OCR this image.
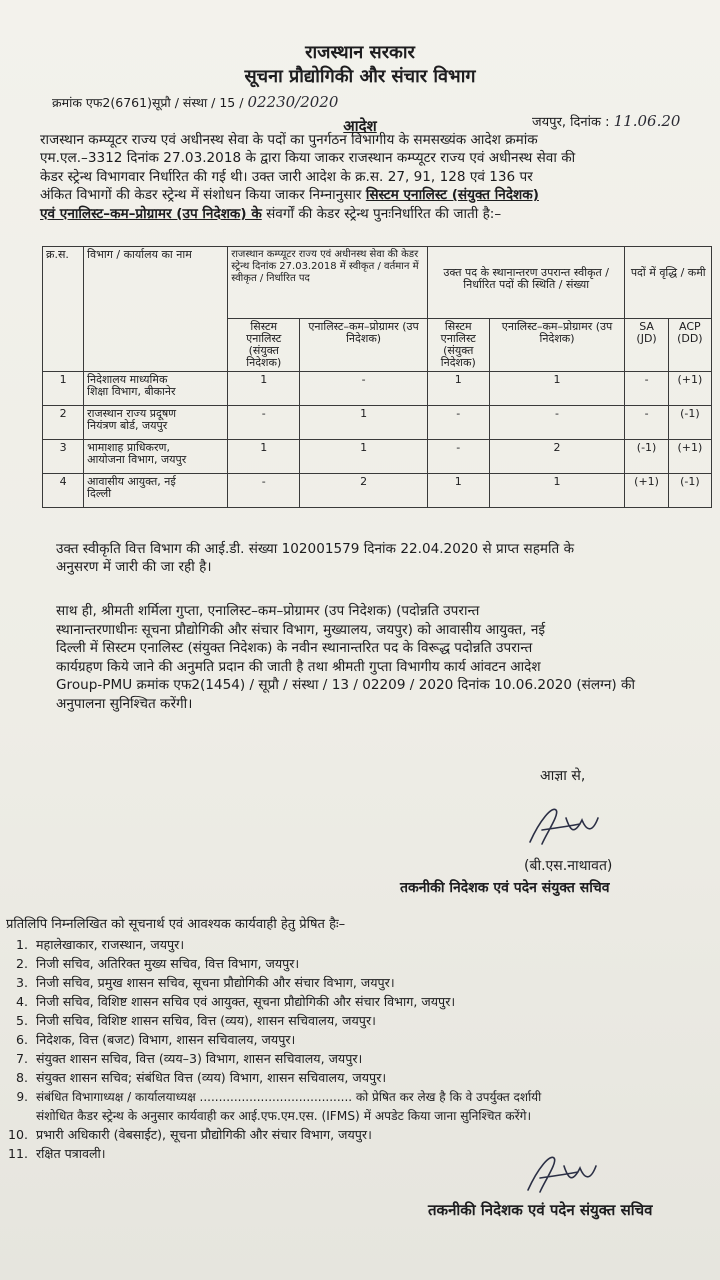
राजस्थान सरकार
सूचना प्रौद्योगिकी और संचार विभाग
क्रमांक एफ2(6761)सूप्रौ / संस्था / 15 / 02230/2020
आदेश	जयपुर, दिनांक : 11.06.20
राजस्थान कम्प्यूटर राज्य एवं अधीनस्थ सेवा के पदों का पुनर्गठन विभागीय के समसख्यंक आदेश क्रमांक
एम.एल.–3312 दिनांक 27.03.2018 के द्वारा किया जाकर राजस्थान कम्प्यूटर राज्य एवं अधीनस्थ सेवा की
केडर स्ट्रेन्थ विभागवार निर्धारित की गई थी। उक्त जारी आदेश के क्र.स. 27, 91, 128 एवं 136 पर
अंकित विभागों की केडर स्ट्रेन्थ में संशोधन किया जाकर निम्नानुसार सिस्टम एनालिस्ट (संयुक्त निदेशक)
एवं एनालिस्ट–कम–प्रोग्रामर (उप निदेशक) के संवर्गों की केडर स्ट्रेन्थ पुनःनिर्धारित की जाती है:–
क्र.स.	विभाग / कार्यालय का नाम	राजस्थान कम्प्यूटर राज्य एवं अधीनस्थ सेवा की केडर स्ट्रेन्थ दिनांक 27.03.2018 में स्वीकृत / वर्तमान में स्वीकृत / निर्धारित पद		उक्त पद के स्थानान्तरण उपरान्त स्वीकृत / निर्धारित पदों की स्थिति / संख्या		पदों में वृद्धि / कमी	
		सिस्टम एनालिस्ट (संयुक्त निदेशक)	एनालिस्ट–कम–प्रोग्रामर (उप निदेशक)	सिस्टम एनालिस्ट (संयुक्त निदेशक)	एनालिस्ट–कम–प्रोग्रामर (उप निदेशक)	SA (JD)	ACP (DD)
1	निदेशालय माध्यमिक
शिक्षा विभाग, बीकानेर	1	-	1	1	-	(+1)
2	राजस्थान राज्य प्रदूषण
नियंत्रण बोर्ड, जयपुर	-	1	-	-	-	(-1)
3	भामाशाह प्राधिकरण,
आयोजना विभाग, जयपुर	1	1	-	2	(-1)	(+1)
4	आवासीय आयुक्त, नई
दिल्ली	-	2	1	1	(+1)	(-1)
उक्त स्वीकृति वित्त विभाग की आई.डी. संख्या 102001579 दिनांक 22.04.2020 से प्राप्त सहमति के
अनुसरण में जारी की जा रही है।
साथ ही, श्रीमती शर्मिला गुप्ता, एनालिस्ट–कम–प्रोग्रामर (उप निदेशक) (पदोन्नति उपरान्त
स्थानान्तरणाधीनः सूचना प्रौद्योगिकी और संचार विभाग, मुख्यालय, जयपुर) को आवासीय आयुक्त, नई
दिल्ली में सिस्टम एनालिस्ट (संयुक्त निदेशक) के नवीन स्थानान्तरित पद के विरूद्ध पदोन्नति उपरान्त
कार्यग्रहण किये जाने की अनुमति प्रदान की जाती है तथा श्रीमती गुप्ता विभागीय कार्य आंवटन आदेश
Group-PMU क्रमांक एफ2(1454) / सूप्रौ / संस्था / 13 / 02209 / 2020 दिनांक 10.06.2020 (संलग्न) की
अनुपालना सुनिश्चित करेंगी।
आज्ञा से,
(बी.एस.नाथावत)
तकनीकी निदेशक एवं पदेन संयुक्त सचिव
प्रतिलिपि निम्नलिखित को सूचनार्थ एवं आवश्यक कार्यवाही हेतु प्रेषित हैः–
1. महालेखाकार, राजस्थान, जयपुर।
2. निजी सचिव, अतिरिक्त मुख्य सचिव, वित्त विभाग, जयपुर।
3. निजी सचिव, प्रमुख शासन सचिव, सूचना प्रौद्योगिकी और संचार विभाग, जयपुर।
4. निजी सचिव, विशिष्ट शासन सचिव एवं आयुक्त, सूचना प्रौद्योगिकी और संचार विभाग, जयपुर।
5. निजी सचिव, विशिष्ट शासन सचिव, वित्त (व्यय), शासन सचिवालय, जयपुर।
6. निदेशक, वित्त (बजट) विभाग, शासन सचिवालय, जयपुर।
7. संयुक्त शासन सचिव, वित्त (व्यय–3) विभाग, शासन सचिवालय, जयपुर।
8. संयुक्त शासन सचिव; संबंधित वित्त (व्यय) विभाग, शासन सचिवालय, जयपुर।
9. संबंधित विभागाध्यक्ष / कार्यालयाध्यक्ष ........................................ को प्रेषित कर लेख है कि वे उपर्युक्त दर्शायी
संशोधित कैडर स्ट्रेन्थ के अनुसार कार्यवाही कर आई.एफ.एम.एस. (IFMS) में अपडेट किया जाना सुनिश्चित करेंगे।
10. प्रभारी अधिकारी (वेबसाईट), सूचना प्रौद्योगिकी और संचार विभाग, जयपुर।
11. रक्षित पत्रावली।
तकनीकी निदेशक एवं पदेन संयुक्त सचिव
